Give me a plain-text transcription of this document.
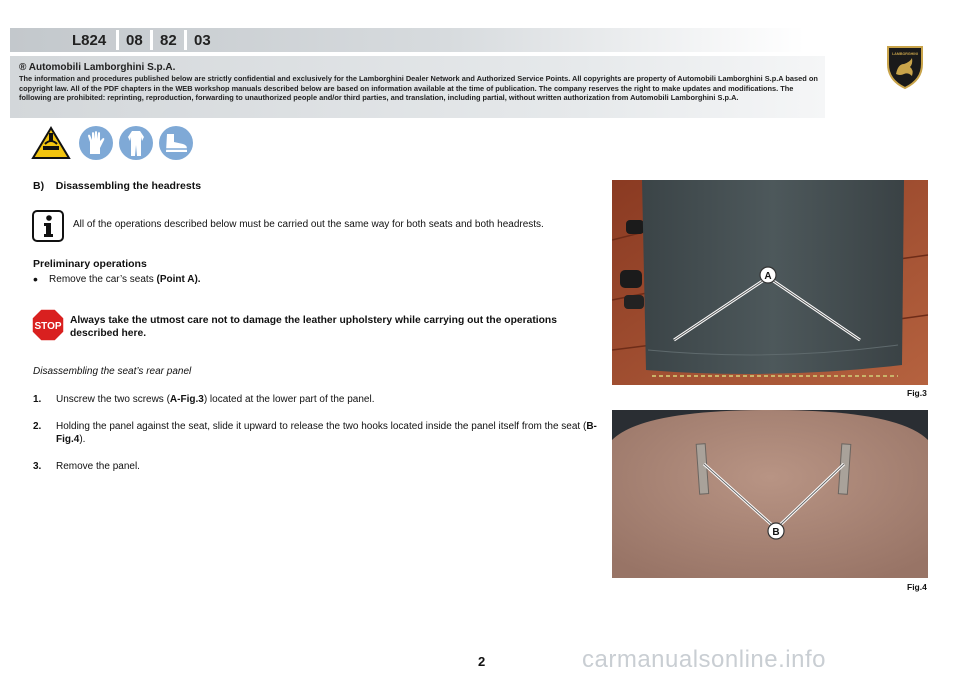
L824 08 82 03
® Automobili Lamborghini S.p.A.
The information and procedures published below are strictly confidential and exclusively for the Lamborghini Dealer Network and Authorized Service Points. All copyrights are property of Automobili Lamborghini S.p.A based on copyright law. All of the PDF chapters in the WEB workshop manuals described below are based on information available at the time of publication. The company reserves the right to make updates and modifications. The following are prohibited: reprinting, reproduction, forwarding to unauthorized people and/or third parties, and translation, including partial, without written authorization from Automobili Lamborghini S.p.A.
LAMBORGHINI
B)    Disassembling the headrests
All of the operations described below must be carried out the same way for both seats and both headrests.
Preliminary operations
• Remove the car’s seats (Point A).
STOP
Always take the utmost care not to damage the leather upholstery while carrying out the operations described here.
Disassembling the seat’s rear panel
1. Unscrew the two screws (A-Fig.3) located at the lower part of the panel.
2. Holding the panel against the seat, slide it upward to release the two hooks located inside the panel itself from the seat (B-Fig.4).
3. Remove the panel.
A
Fig.3
B
Fig.4
2	carmanualsonline.info
